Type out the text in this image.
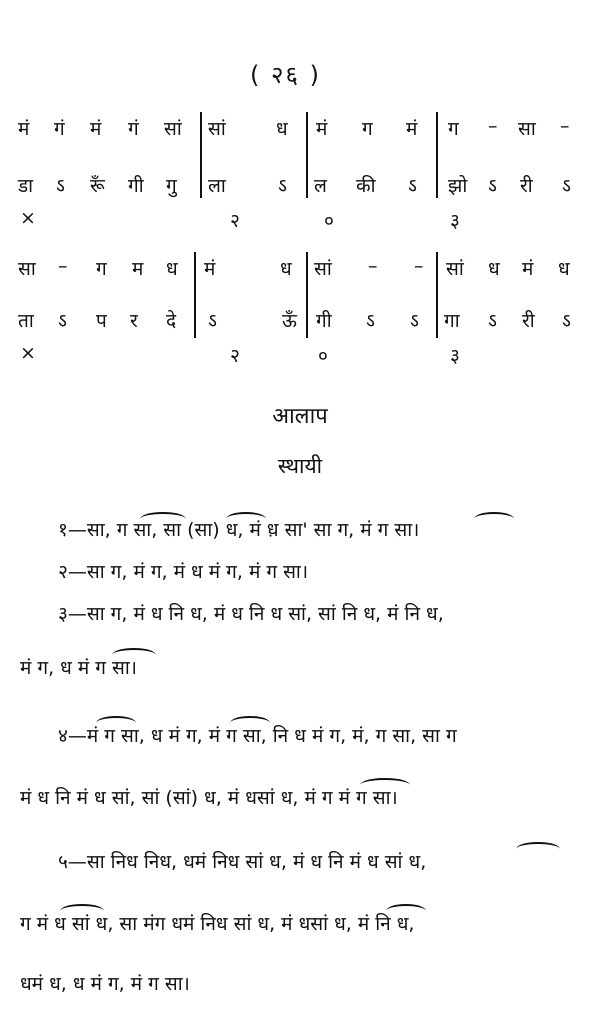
( २६ )
मं गं मं गं सां सां	ध मं ग मं ग – सा –
डा ऽ रूँ गी गु ला	ऽ ल की ऽ झो ऽ री ऽ
×	२	०	३
सा – ग म ध मं	ध सां – – सां ध मं ध
ता ऽ प र दे ऽ	ऊँ गी ऽ ऽ गा ऽ री ऽ
×	२	०	३
आलाप
स्थायी
१—सा, ग सा, सा (सा) ध, मं ध़ सा' सा ग, मं ग सा।
२—सा ग, मं ग, मं ध मं ग, मं ग सा।
३—सा ग, मं ध नि ध, मं ध नि ध सां, सां नि ध, मं नि ध,
मं ग, ध मं ग सा।
४—मं ग सा, ध मं ग, मं ग सा, नि ध मं ग, मं, ग सा, सा ग
मं ध नि मं ध सां, सां (सां) ध, मं धसां ध, मं ग मं ग सा।
५—सा निध निध, धमं निध सां ध, मं ध नि मं ध सां ध,
ग मं ध सां ध, सा मंग धमं निध सां ध, मं धसां ध, मं नि ध,
धमं ध, ध मं ग, मं ग सा।
